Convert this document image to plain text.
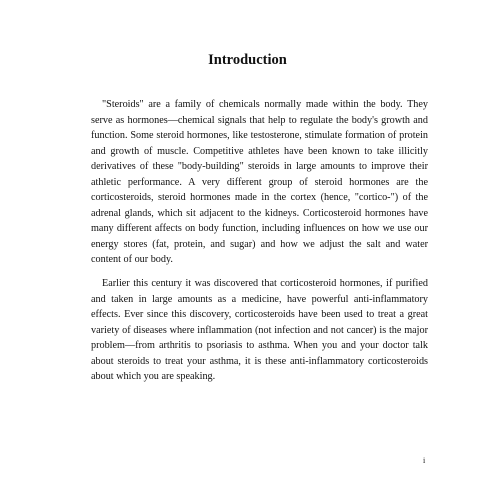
Introduction

"Steroids" are a family of chemicals normally made within the body. They serve as hormones—chemical signals that help to regulate the body's growth and function. Some steroid hormones, like testosterone, stimulate formation of protein and growth of muscle. Competitive athletes have been known to take illicitly derivatives of these "body-building" steroids in large amounts to improve their athletic performance. A very different group of steroid hormones are the corticosteroids, steroid hormones made in the cortex (hence, "cortico-") of the adrenal glands, which sit adjacent to the kidneys. Corticosteroid hormones have many different affects on body function, including influences on how we use our energy stores (fat, protein, and sugar) and how we adjust the salt and water content of our body.

Earlier this century it was discovered that corticosteroid hormones, if purified and taken in large amounts as a medicine, have powerful anti-inflammatory effects. Ever since this discovery, corticosteroids have been used to treat a great variety of diseases where inflammation (not infection and not cancer) is the major problem—from arthritis to psoriasis to asthma. When you and your doctor talk about steroids to treat your asthma, it is these anti-inflammatory corticosteroids about which you are speaking.

i
